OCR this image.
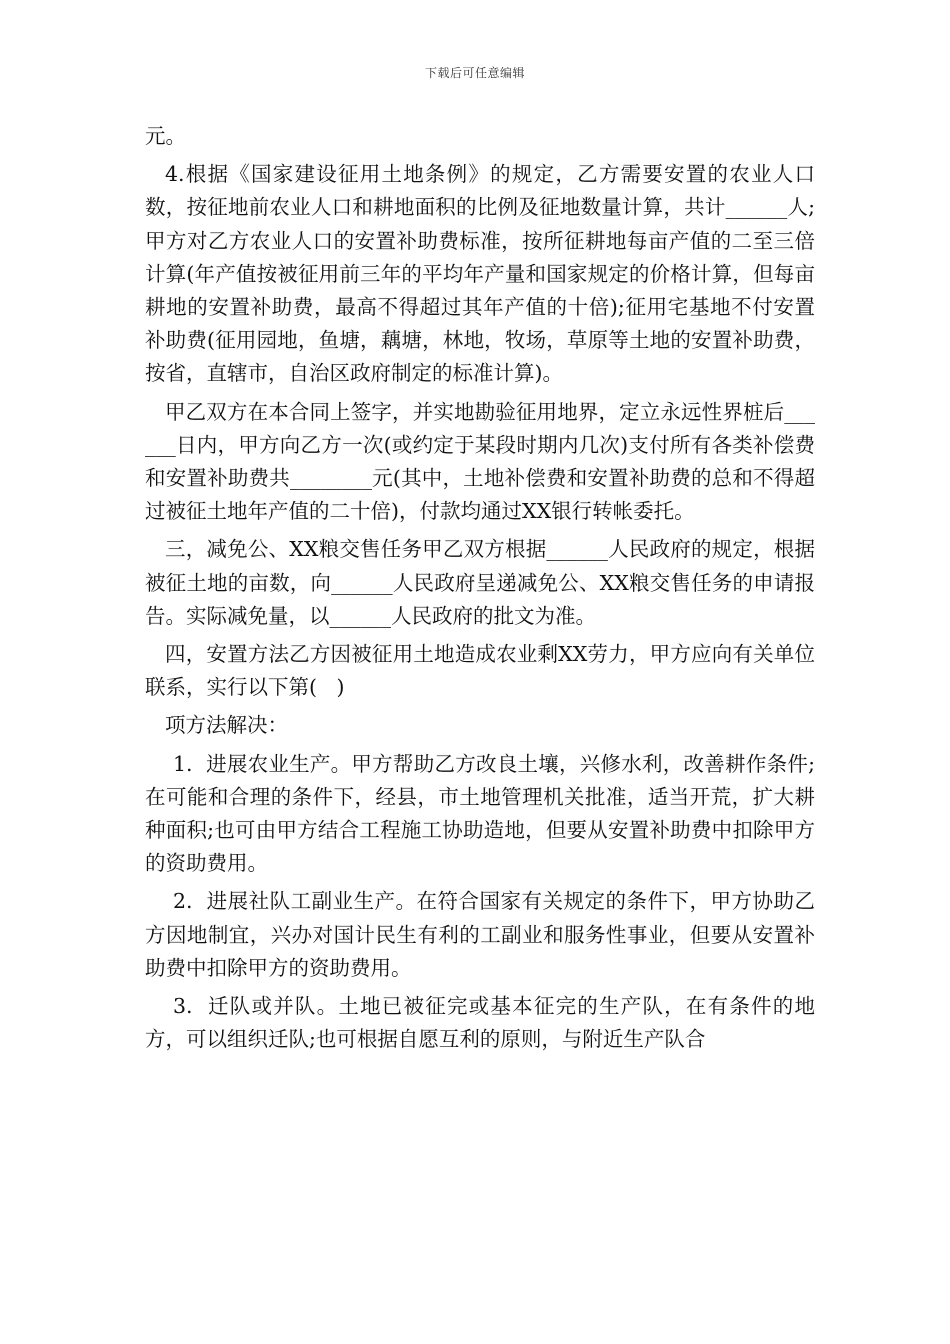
下载后可任意编辑

元。

4.根据《国家建设征用土地条例》的规定，乙方需要安置的农业人口数，按征地前农业人口和耕地面积的比例及征地数量计算，共计______人;甲方对乙方农业人口的安置补助费标准，按所征耕地每亩产值的二至三倍计算(年产值按被征用前三年的平均年产量和国家规定的价格计算，但每亩耕地的安置补助费，最高不得超过其年产值的十倍);征用宅基地不付安置补助费(征用园地，鱼塘，藕塘，林地，牧场，草原等土地的安置补助费，按省，直辖市，自治区政府制定的标准计算)。

甲乙双方在本合同上签字，并实地勘验征用地界，定立永远性界桩后______日内，甲方向乙方一次(或约定于某段时期内几次)支付所有各类补偿费和安置补助费共________元(其中，土地补偿费和安置补助费的总和不得超过被征土地年产值的二十倍)，付款均通过XX银行转帐委托。

三，减免公、XX粮交售任务甲乙双方根据______人民政府的规定，根据被征土地的亩数，向______人民政府呈递减免公、XX粮交售任务的申请报告。实际减免量，以______人民政府的批文为准。

四，安置方法乙方因被征用土地造成农业剩XX劳力，甲方应向有关单位联系，实行以下第(   )

项方法解决：

1.  进展农业生产。甲方帮助乙方改良土壤，兴修水利，改善耕作条件;在可能和合理的条件下，经县，市土地管理机关批准，适当开荒，扩大耕种面积;也可由甲方结合工程施工协助造地，但要从安置补助费中扣除甲方的资助费用。

2.  进展社队工副业生产。在符合国家有关规定的条件下，甲方协助乙方因地制宜，兴办对国计民生有利的工副业和服务性事业，但要从安置补助费中扣除甲方的资助费用。

3.  迁队或并队。土地已被征完或基本征完的生产队，在有条件的地方，可以组织迁队;也可根据自愿互利的原则，与附近生产队合
